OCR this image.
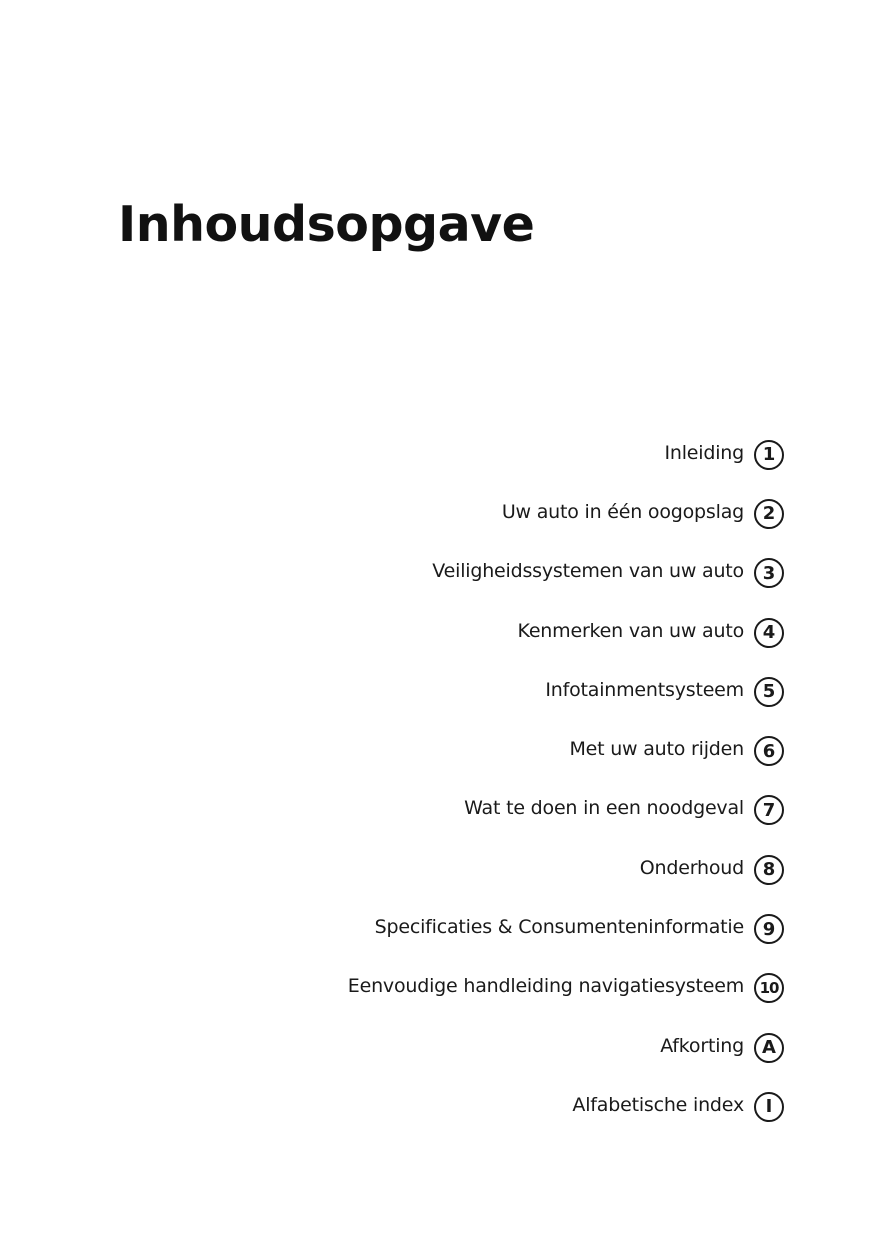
Inhoudsopgave
Inleiding	1
Uw auto in één oogopslag	2
Veiligheidssystemen van uw auto	3
Kenmerken van uw auto	4
Infotainmentsysteem	5
Met uw auto rijden	6
Wat te doen in een noodgeval	7
Onderhoud	8
Specificaties & Consumenteninformatie	9
Eenvoudige handleiding navigatiesysteem	10
Afkorting	A
Alfabetische index	I
